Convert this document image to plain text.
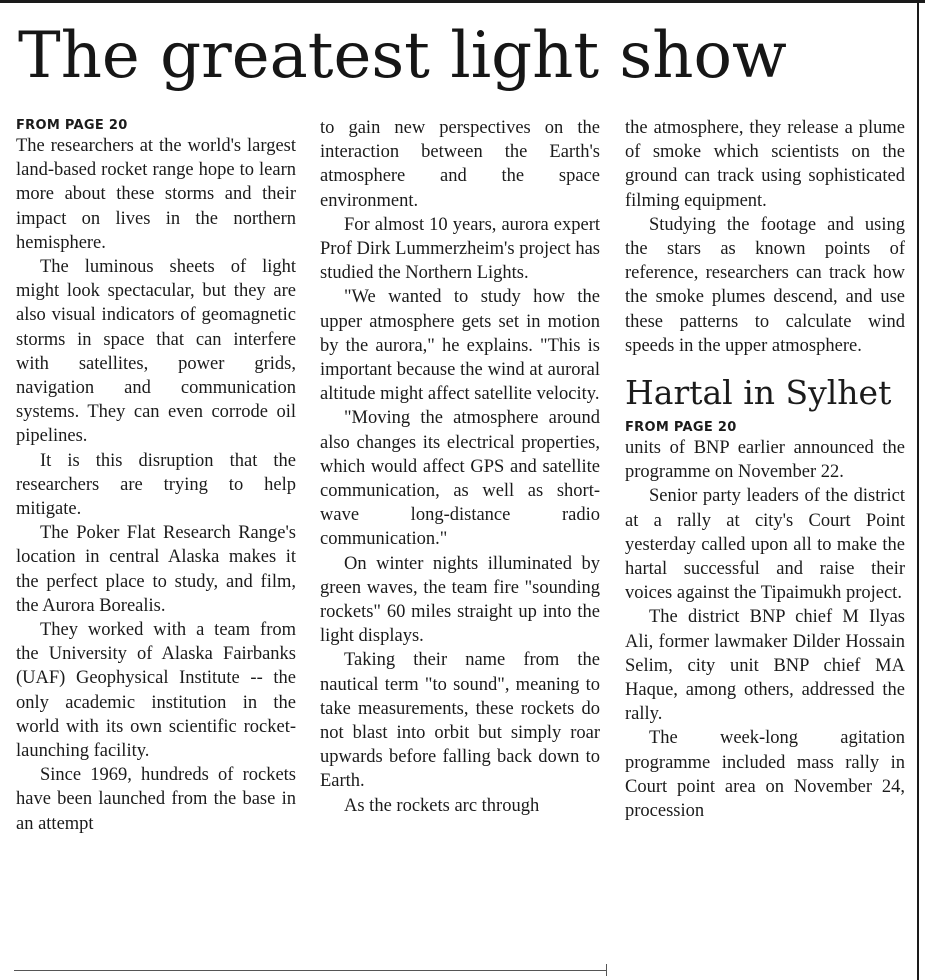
The greatest light show
FROM PAGE 20

The researchers at the world's largest land-based rocket range hope to learn more about these storms and their impact on lives in the northern hemisphere.

The luminous sheets of light might look spectacular, but they are also visual indicators of geomagnetic storms in space that can interfere with satellites, power grids, navigation and communication systems. They can even corrode oil pipelines.

It is this disruption that the researchers are trying to help mitigate.

The Poker Flat Research Range's location in central Alaska makes it the perfect place to study, and film, the Aurora Borealis.

They worked with a team from the University of Alaska Fairbanks (UAF) Geophysical Institute -- the only academic institution in the world with its own scientific rocket-launching facility.

Since 1969, hundreds of rockets have been launched from the base in an attempt

to gain new perspectives on the interaction between the Earth's atmosphere and the space environment.

For almost 10 years, aurora expert Prof Dirk Lummerzheim's project has studied the Northern Lights.

"We wanted to study how the upper atmosphere gets set in motion by the aurora," he explains. "This is important because the wind at auroral altitude might affect satellite velocity.

"Moving the atmosphere around also changes its electrical properties, which would affect GPS and satellite communication, as well as short-wave long-distance radio communication."

On winter nights illuminated by green waves, the team fire "sounding rockets" 60 miles straight up into the light displays.

Taking their name from the nautical term "to sound", meaning to take measurements, these rockets do not blast into orbit but simply roar upwards before falling back down to Earth.

As the rockets arc through

the atmosphere, they release a plume of smoke which scientists on the ground can track using sophisticated filming equipment.

Studying the footage and using the stars as known points of reference, researchers can track how the smoke plumes descend, and use these patterns to calculate wind speeds in the upper atmosphere.

Hartal in Sylhet
FROM PAGE 20

units of BNP earlier announced the programme on November 22.

Senior party leaders of the district at a rally at city's Court Point yesterday called upon all to make the hartal successful and raise their voices against the Tipaimukh project.

The district BNP chief M Ilyas Ali, former lawmaker Dilder Hossain Selim, city unit BNP chief MA Haque, among others, addressed the rally.

The week-long agitation programme included mass rally in Court point area on November 24, procession
